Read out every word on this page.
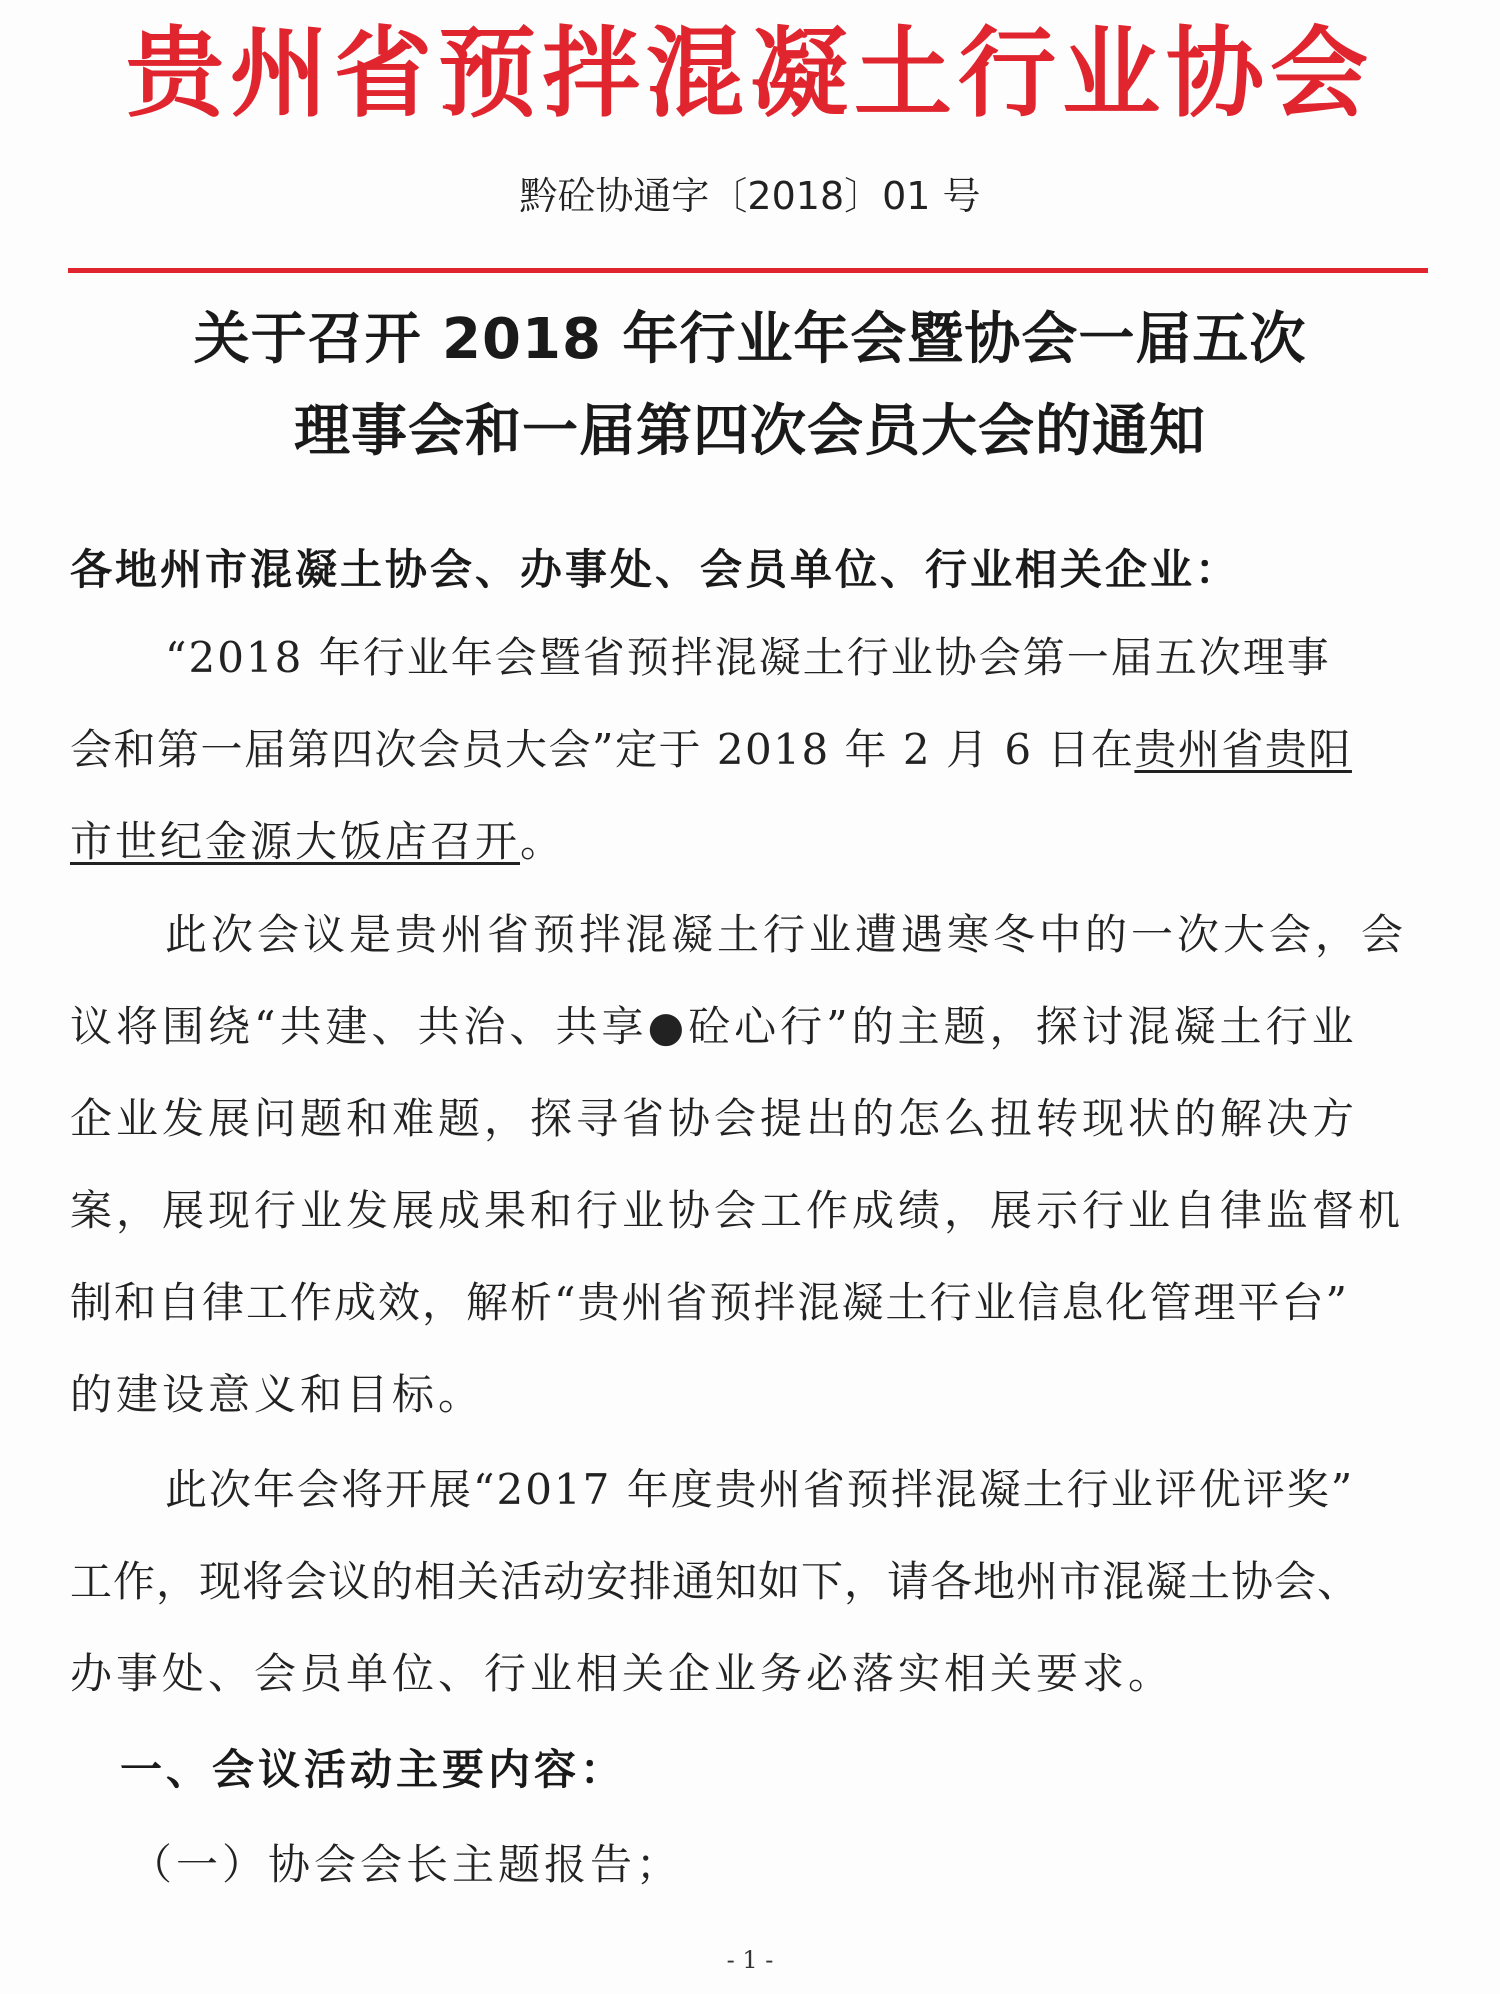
贵州省预拌混凝土行业协会
黔砼协通字〔2018〕01 号
关于召开 2018 年行业年会暨协会一届五次
理事会和一届第四次会员大会的通知
各地州市混凝土协会、办事处、会员单位、行业相关企业：
“2018 年行业年会暨省预拌混凝土行业协会第一届五次理事
会和第一届第四次会员大会”定于 2018 年 2 月 6 日在贵州省贵阳
市世纪金源大饭店召开。
此次会议是贵州省预拌混凝土行业遭遇寒冬中的一次大会，会
议将围绕“共建、共治、共享●砼心行”的主题，探讨混凝土行业
企业发展问题和难题，探寻省协会提出的怎么扭转现状的解决方
案，展现行业发展成果和行业协会工作成绩，展示行业自律监督机
制和自律工作成效，解析“贵州省预拌混凝土行业信息化管理平台”
的建设意义和目标。
此次年会将开展“2017 年度贵州省预拌混凝土行业评优评奖”
工作，现将会议的相关活动安排通知如下，请各地州市混凝土协会、
办事处、会员单位、行业相关企业务必落实相关要求。
一、会议活动主要内容：
（一）协会会长主题报告；
- 1 -
